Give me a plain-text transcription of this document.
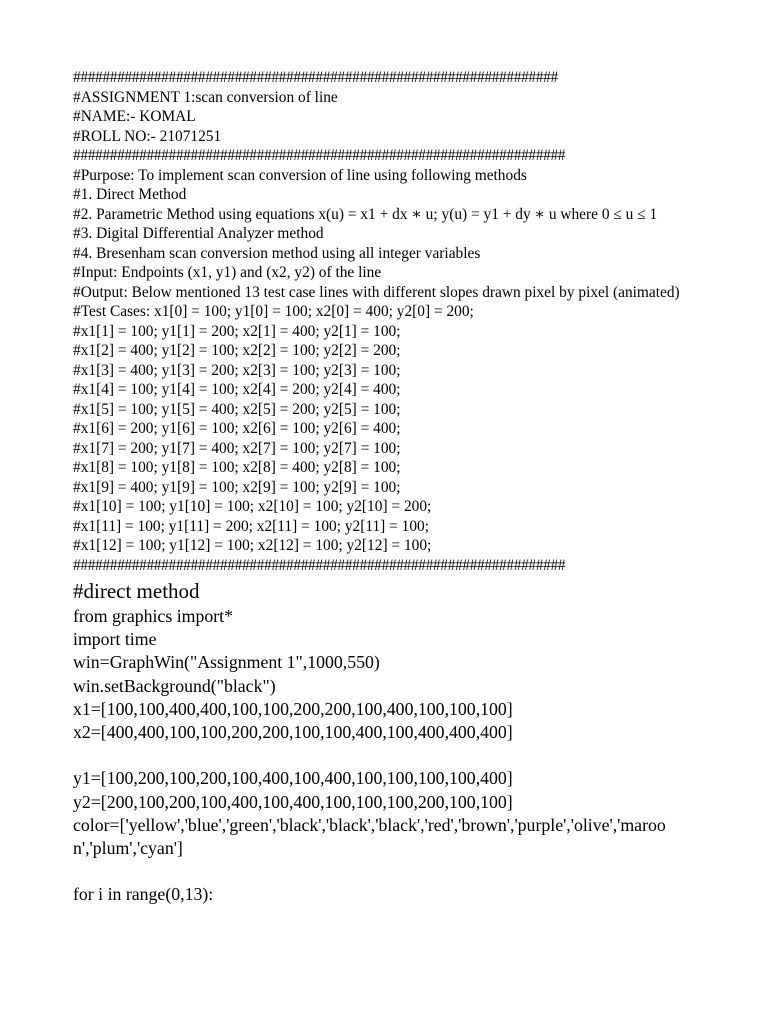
##################################################################
#ASSIGNMENT 1:scan conversion of line
#NAME:- KOMAL
#ROLL NO:- 21071251
###################################################################
#Purpose: To implement scan conversion of line using following methods
#1. Direct Method
#2. Parametric Method using equations x(u) = x1 + dx ∗ u; y(u) = y1 + dy ∗ u where 0 ≤ u ≤ 1
#3. Digital Differential Analyzer method
#4. Bresenham scan conversion method using all integer variables
#Input: Endpoints (x1, y1) and (x2, y2) of the line
#Output: Below mentioned 13 test case lines with different slopes drawn pixel by pixel (animated)
#Test Cases: x1[0] = 100; y1[0] = 100; x2[0] = 400; y2[0] = 200;
#x1[1] = 100; y1[1] = 200; x2[1] = 400; y2[1] = 100;
#x1[2] = 400; y1[2] = 100; x2[2] = 100; y2[2] = 200;
#x1[3] = 400; y1[3] = 200; x2[3] = 100; y2[3] = 100;
#x1[4] = 100; y1[4] = 100; x2[4] = 200; y2[4] = 400;
#x1[5] = 100; y1[5] = 400; x2[5] = 200; y2[5] = 100;
#x1[6] = 200; y1[6] = 100; x2[6] = 100; y2[6] = 400;
#x1[7] = 200; y1[7] = 400; x2[7] = 100; y2[7] = 100;
#x1[8] = 100; y1[8] = 100; x2[8] = 400; y2[8] = 100;
#x1[9] = 400; y1[9] = 100; x2[9] = 100; y2[9] = 100;
#x1[10] = 100; y1[10] = 100; x2[10] = 100; y2[10] = 200;
#x1[11] = 100; y1[11] = 200; x2[11] = 100; y2[11] = 100;
#x1[12] = 100; y1[12] = 100; x2[12] = 100; y2[12] = 100;
###################################################################
#direct method
from graphics import*
import time
win=GraphWin("Assignment 1",1000,550)
win.setBackground("black")
x1=[100,100,400,400,100,100,200,200,100,400,100,100,100]
x2=[400,400,100,100,200,200,100,100,400,100,400,400,400]
y1=[100,200,100,200,100,400,100,400,100,100,100,100,400]
y2=[200,100,200,100,400,100,400,100,100,100,200,100,100]
color=['yellow','blue','green','black','black','black','red','brown','purple','olive','maroon','plum','cyan']
for i in range(0,13):
